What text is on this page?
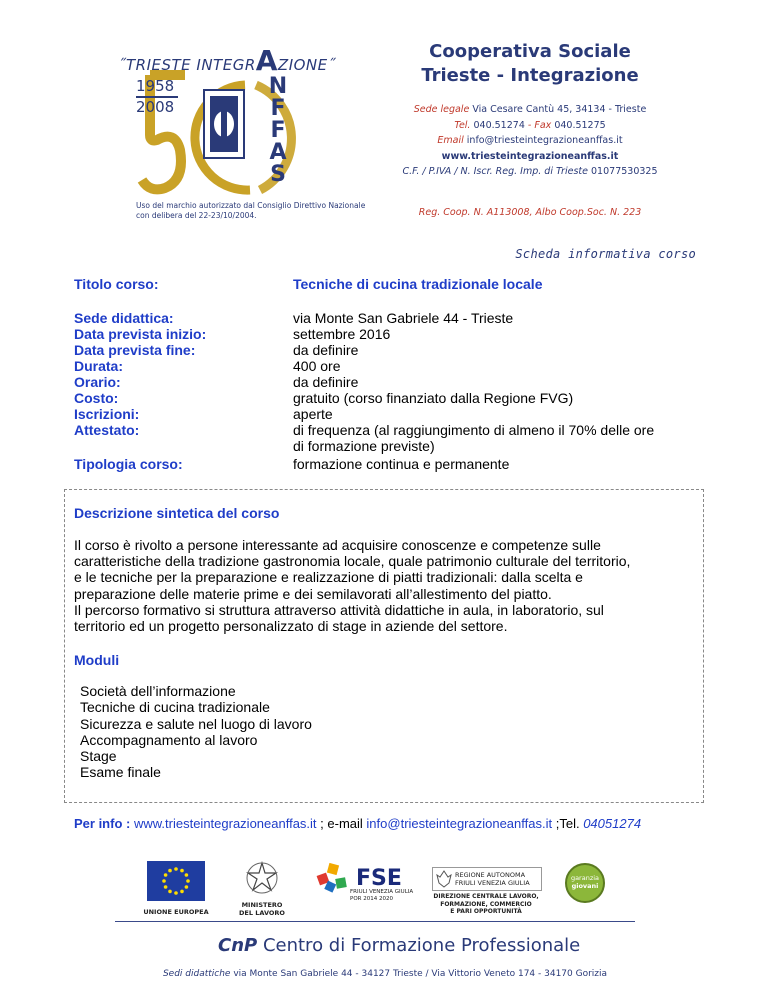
˝TRIESTE INTEGRAZIONE˝
1958
2008
N
F
F
A
S
Uso del marchio autorizzato dal Consiglio Direttivo Nazionale con delibera del 22-23/10/2004.
Cooperativa Sociale
Trieste - Integrazione
Sede legale Via Cesare Cantù 45, 34134 - Trieste
Tel. 040.51274 - Fax 040.51275
Email info@triesteintegrazioneanffas.it
www.triesteintegrazioneanffas.it
C.F. / P.IVA / N. Iscr. Reg. Imp. di Trieste 01077530325
Reg. Coop. N. A113008, Albo Coop.Soc. N. 223
Scheda informativa corso
Titolo corso:	Tecniche di cucina tradizionale locale
Sede didattica:	via Monte San Gabriele 44 - Trieste
Data prevista inizio:	settembre 2016
Data prevista fine:	da definire
Durata:	400 ore
Orario:	da definire
Costo:	gratuito (corso finanziato dalla Regione FVG)
Iscrizioni:	aperte
Attestato:	di frequenza (al raggiungimento di almeno il 70% delle ore
di formazione previste)
Tipologia corso:	formazione continua e permanente
Descrizione sintetica del corso
Il corso è rivolto a persone interessante ad acquisire conoscenze e competenze sulle
caratteristiche della tradizione gastronomia locale, quale patrimonio culturale del territorio,
e le tecniche per la preparazione e realizzazione di piatti tradizionali: dalla scelta e
preparazione delle materie prime e dei semilavorati all’allestimento del piatto.
Il percorso formativo si struttura attraverso attività didattiche in aula, in laboratorio, sul
territorio ed un progetto personalizzato di stage in aziende del settore.
Moduli
Società dell’informazione
Tecniche di cucina tradizionale
Sicurezza e salute nel luogo di lavoro
Accompagnamento al lavoro
Stage
Esame finale
Per info : www.triesteintegrazioneanffas.it ; e-mail info@triesteintegrazioneanffas.it ;Tel. 04051274
UNIONE EUROPEA
MINISTERO
DEL LAVORO
FSE
FRIULI VENEZIA GIULIA
POR 2014 2020
REGIONE AUTONOMA
FRIULI VENEZIA GIULIA
DIREZIONE CENTRALE LAVORO,
FORMAZIONE, COMMERCIO
E PARI OPPORTUNITÀ
garanzia
giovani
CnP Centro di Formazione Professionale
Sedi didattiche via Monte San Gabriele 44 - 34127 Trieste / Via Vittorio Veneto 174 - 34170 Gorizia
